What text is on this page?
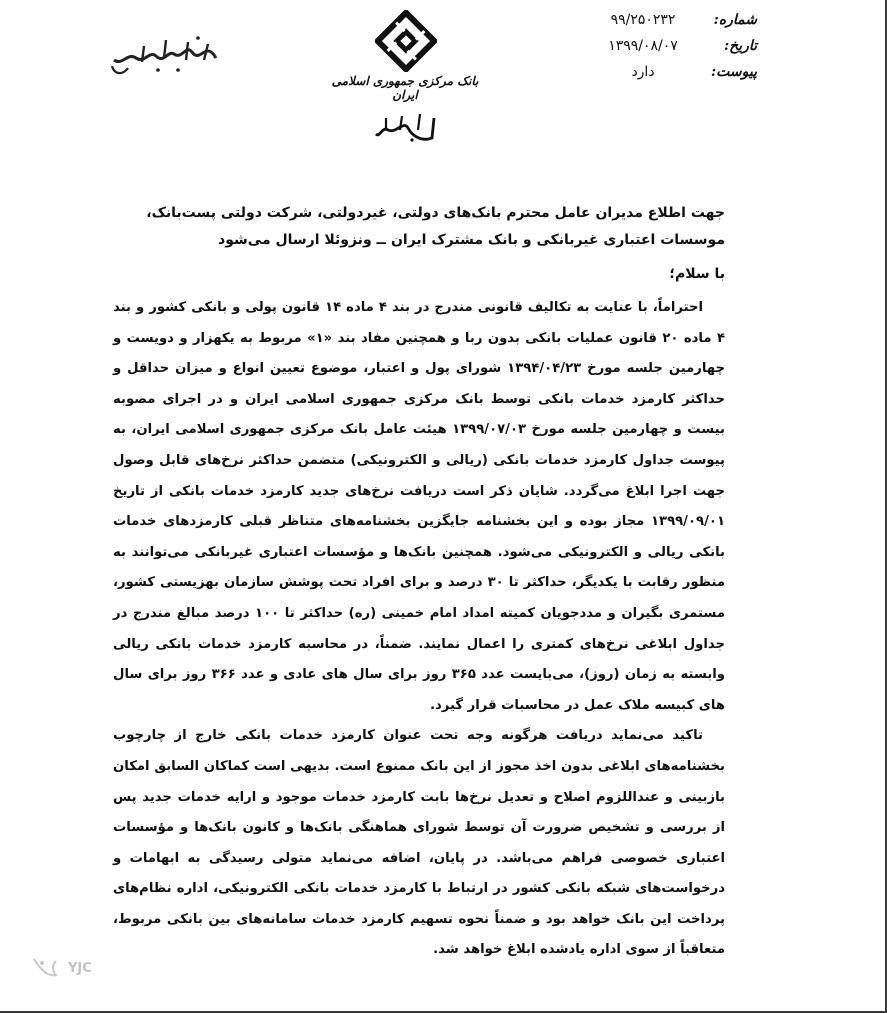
بانک مرکزی جمهوری اسلامی ایران
شماره:
۹۹/۲۵۰۲۳۲
تاریخ:
۱۳۹۹/۰۸/۰۷
پیوست:
دارد
جهت اطلاع مدیران عامل محترم بانک‌های دولتی، غیردولتی، شرکت دولتی پست‌بانک، موسسات اعتباری غیربانکی و بانک مشترک ایران ــ ونزوئلا ارسال می‌شود
با سلام؛

احتراماً، با عنایت به تکالیف قانونی مندرج در بند ۴ ماده ۱۴ قانون پولی و بانکی کشور و بند ۴ ماده ۲۰ قانون عملیات بانکی بدون ربا و همچنین مفاد بند «۱» مربوط به یکهزار و دویست و چهارمین جلسه مورخ ۱۳۹۴/۰۴/۲۳ شورای پول و اعتبار، موضوع تعیین انواع و میزان حداقل و حداکثر کارمزد خدمات بانکی توسط بانک مرکزی جمهوری اسلامی ایران و در اجرای مصوبه بیست و چهارمین جلسه مورخ ۱۳۹۹/۰۷/۰۳ هیئت عامل بانک مرکزی جمهوری اسلامی ایران، به پیوست جداول کارمزد خدمات بانکی (ریالی و الکترونیکی) متضمن حداکثر نرخ‌های قابل وصول جهت اجرا ابلاغ می‌گردد. شایان ذکر است دریافت نرخ‌های جدید کارمزد خدمات بانکی از تاریخ ۱۳۹۹/۰۹/۰۱ مجاز بوده و این بخشنامه جایگزین بخشنامه‌های متناظر قبلی کارمزدهای خدمات بانکی ریالی و الکترونیکی می‌شود. همچنین بانک‌ها و مؤسسات اعتباری غیربانکی می‌توانند به منظور رقابت با یکدیگر، حداکثر تا ۳۰ درصد و برای افراد تحت پوشش سازمان بهزیستی کشور، مستمری بگیران و مددجویان کمیته امداد امام خمینی (ره) حداکثر تا ۱۰۰ درصد مبالغ مندرج در جداول ابلاغی نرخ‌های کمتری را اعمال نمایند. ضمناً، در محاسبه کارمزد خدمات بانکی ریالی وابسته به زمان (روز)، می‌بایست عدد ۳۶۵ روز برای سال های عادی و عدد ۳۶۶ روز برای سال های کبیسه ملاک عمل در محاسبات قرار گیرد.

تاکید می‌نماید دریافت هرگونه وجه تحت عنوان کارمزد خدمات بانکی خارج از چارچوب بخشنامه‌های ابلاغی بدون اخذ مجوز از این بانک ممنوع است. بدیهی است کماکان السابق امکان بازبینی و عنداللزوم اصلاح و تعدیل نرخ‌ها بابت کارمزد خدمات موجود و ارایه خدمات جدید پس از بررسی و تشخیص ضرورت آن توسط شورای هماهنگی بانک‌ها و کانون بانک‌ها و مؤسسات اعتباری خصوصی فراهم می‌باشد. در پایان، اضافه می‌نماید متولی رسیدگی به ابهامات و درخواست‌های شبکه بانکی کشور در ارتباط با کارمزد خدمات بانکی الکترونیکی، اداره نظام‌های پرداخت این بانک خواهد بود و ضمناً نحوه تسهیم کارمزد خدمات سامانه‌های بین بانکی مربوط، متعاقباً از سوی اداره یادشده ابلاغ خواهد شد.

YJC
